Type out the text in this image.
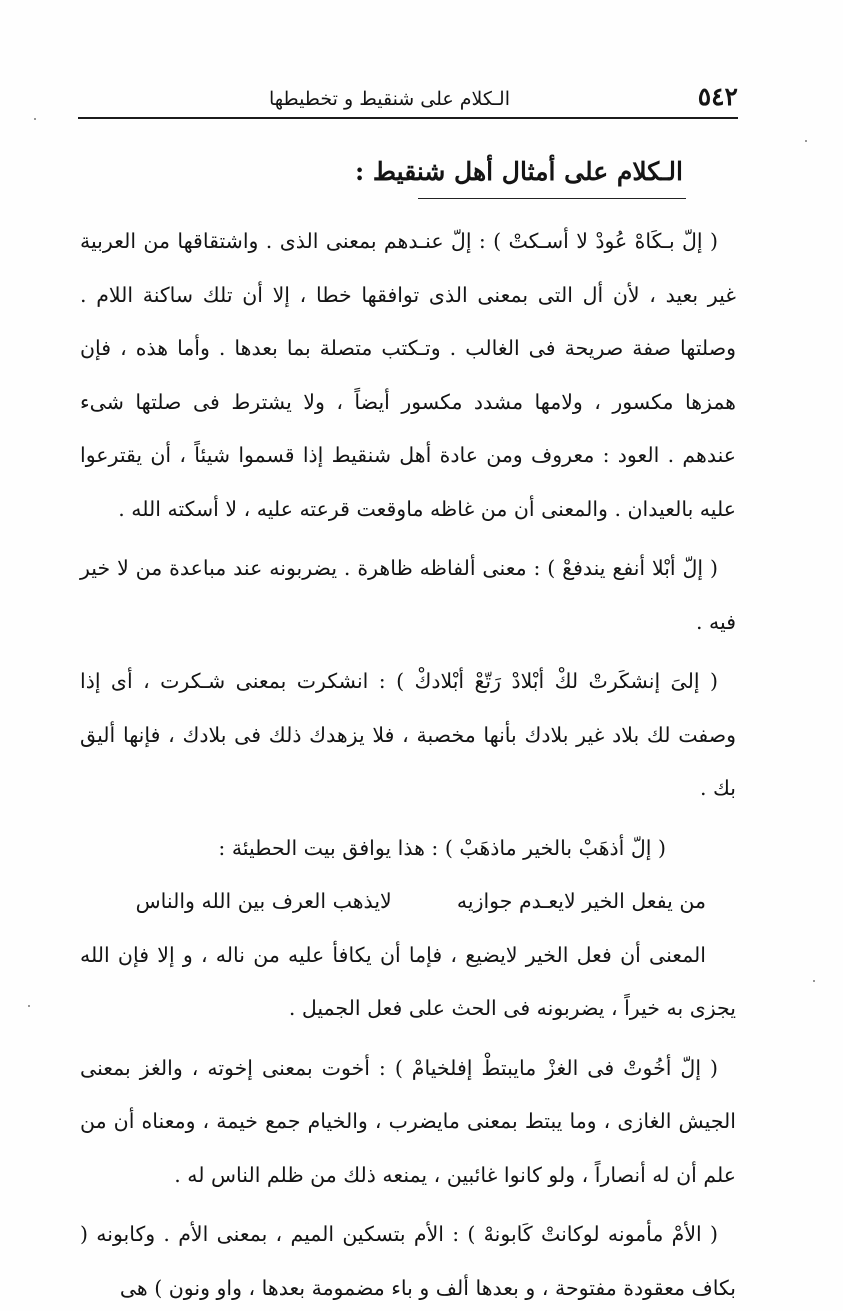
٥٤٢
الـكلام على شنقيط و تخطيطها
الـكلام على أمثال أهل شنقيط :

( إلّ بـكَاهْ عُودْ لا أسـكتْ ) : إلّ عنـدهم بمعنى الذى . واشتقاقها من العربية غير بعيد ، لأن أل التى بمعنى الذى توافقها خطا ، إلا أن تلك ساكنة اللام . وصلتها صفة صريحة فى الغالب . وتـكتب متصلة بما بعدها . وأما هذه ، فإن همزها مكسور ، ولامها مشدد مكسور أيضاً ، ولا يشترط فى صلتها شىء عندهم . العود : معروف ومن عادة أهل شنقيط إذا قسموا شيئاً ، أن يقترعوا عليه بالعيدان . والمعنى أن من غاظه ماوقعت قرعته عليه ، لا أسكته الله .

( إلّ أبْلا أنفع يندفعْ ) : معنى ألفاظه ظاهرة . يضربونه عند مباعدة من لا خير فيه .

( إلىَ إنشكَرتْ لكْ أبْلادْ رَتّعْ أبْلادكْ ) : انشكرت بمعنى شـكرت ، أى إذا وصفت لك بلاد غير بلادك بأنها مخصبة ، فلا يزهدك ذلك فى بلادك ، فإنها أليق بك .

( إلّ أذهَبْ بالخير ماذهَبْ ) : هذا يوافق بيت الحطيئة :

من يفعل الخير لايعـدم جوازيه          لايذهب العرف بين الله والناس

المعنى أن فعل الخير لايضيع ، فإما أن يكافأ عليه من ناله ، و إلا فإن الله يجزى به خيراً ، يضربونه فى الحث على فعل الجميل .

( إلّ أخُوتْ فى الغزْ مايبتطْ إفلخيامْ ) : أخوت بمعنى إخوته ، والغز بمعنى الجيش الغازى ، وما يبتط بمعنى مايضرب ، والخيام جمع خيمة ، ومعناه أن من علم أن له أنصاراً ، ولو كانوا غائبين ، يمنعه ذلك من ظلم الناس له .

( الأمْ مأمونه لوكانتْ كَابونهْ ) : الأم بتسكين الميم ، بمعنى الأم . وكابونه ( بكاف معقودة مفتوحة ، و بعدها ألف و باء مضمومة بعدها ، واو ونون ) هى
